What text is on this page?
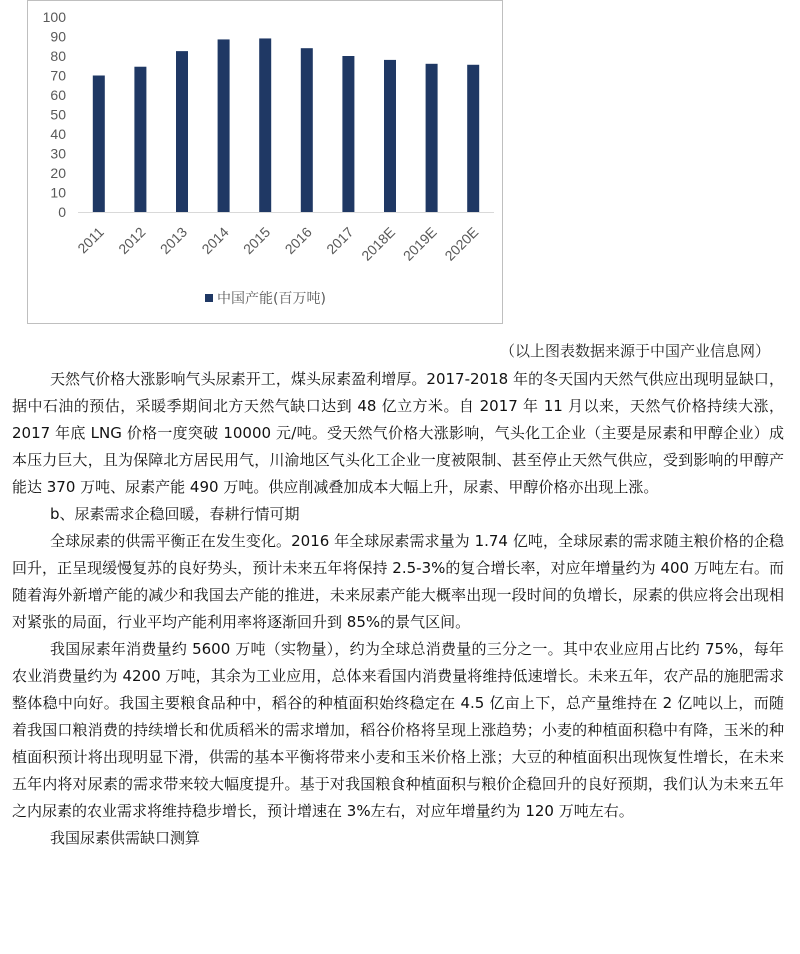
0
10
20
30
40
50
60
70
80
90
100
2011 2012 2013 2014 2015 2016 2017 2018E 2019E 2020E
中国产能(百万吨)
（以上图表数据来源于中国产业信息网）

天然气价格大涨影响气头尿素开工，煤头尿素盈利增厚。2017-2018 年的冬天国内天然气供应出现明显缺口，据中石油的预估，采暖季期间北方天然气缺口达到 48 亿立方米。自 2017 年 11 月以来，天然气价格持续大涨，2017 年底 LNG 价格一度突破 10000 元/吨。受天然气价格大涨影响，气头化工企业（主要是尿素和甲醇企业）成本压力巨大，且为保障北方居民用气，川渝地区气头化工企业一度被限制、甚至停止天然气供应，受到影响的甲醇产能达 370 万吨、尿素产能 490 万吨。供应削减叠加成本大幅上升，尿素、甲醇价格亦出现上涨。

b、尿素需求企稳回暖，春耕行情可期

全球尿素的供需平衡正在发生变化。2016 年全球尿素需求量为 1.74 亿吨，全球尿素的需求随主粮价格的企稳回升，正呈现缓慢复苏的良好势头，预计未来五年将保持 2.5-3%的复合增长率，对应年增量约为 400 万吨左右。而随着海外新增产能的减少和我国去产能的推进，未来尿素产能大概率出现一段时间的负增长，尿素的供应将会出现相对紧张的局面，行业平均产能利用率将逐渐回升到 85%的景气区间。

我国尿素年消费量约 5600 万吨（实物量），约为全球总消费量的三分之一。其中农业应用占比约 75%，每年农业消费量约为 4200 万吨，其余为工业应用，总体来看国内消费量将维持低速增长。未来五年，农产品的施肥需求整体稳中向好。我国主要粮食品种中，稻谷的种植面积始终稳定在 4.5 亿亩上下，总产量维持在 2 亿吨以上，而随着我国口粮消费的持续增长和优质稻米的需求增加，稻谷价格将呈现上涨趋势；小麦的种植面积稳中有降，玉米的种植面积预计将出现明显下滑，供需的基本平衡将带来小麦和玉米价格上涨；大豆的种植面积出现恢复性增长，在未来五年内将对尿素的需求带来较大幅度提升。基于对我国粮食种植面积与粮价企稳回升的良好预期，我们认为未来五年之内尿素的农业需求将维持稳步增长，预计增速在 3%左右，对应年增量约为 120 万吨左右。

我国尿素供需缺口测算
